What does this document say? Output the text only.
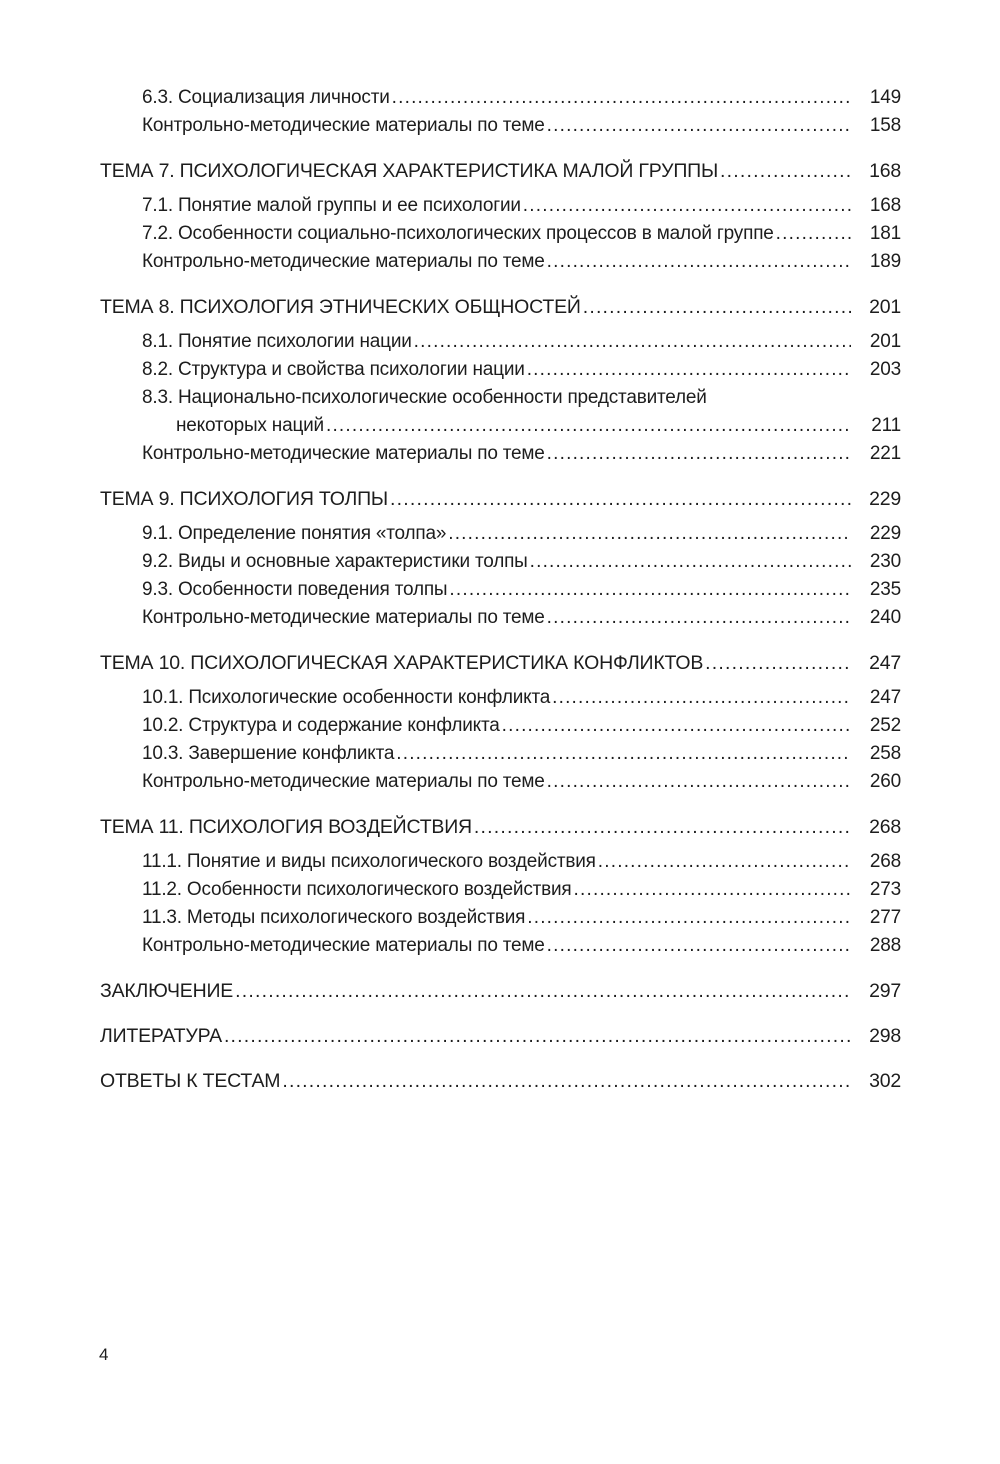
6.3. Социализация личности .....	149
Контрольно-методические материалы по теме .....	158
ТЕМА 7. ПСИХОЛОГИЧЕСКАЯ ХАРАКТЕРИСТИКА МАЛОЙ ГРУППЫ .....	168
7.1. Понятие малой группы и ее психологии .....	168
7.2. Особенности социально-психологических процессов в малой группе .....	181
Контрольно-методические материалы по теме .....	189
ТЕМА 8. ПСИХОЛОГИЯ ЭТНИЧЕСКИХ ОБЩНОСТЕЙ .....	201
8.1. Понятие психологии нации .....	201
8.2. Структура и свойства психологии нации .....	203
8.3. Национально-психологические особенности представителей
некоторых наций .....	211
Контрольно-методические материалы по теме .....	221
ТЕМА 9. ПСИХОЛОГИЯ ТОЛПЫ .....	229
9.1. Определение понятия «толпа» .....	229
9.2. Виды и основные характеристики толпы .....	230
9.3. Особенности поведения толпы .....	235
Контрольно-методические материалы по теме .....	240
ТЕМА 10. ПСИХОЛОГИЧЕСКАЯ ХАРАКТЕРИСТИКА КОНФЛИКТОВ .....	247
10.1. Психологические особенности конфликта .....	247
10.2. Структура и содержание конфликта .....	252
10.3. Завершение конфликта .....	258
Контрольно-методические материалы по теме .....	260
ТЕМА 11. ПСИХОЛОГИЯ ВОЗДЕЙСТВИЯ .....	268
11.1. Понятие и виды психологического воздействия .....	268
11.2. Особенности психологического воздействия .....	273
11.3. Методы психологического воздействия .....	277
Контрольно-методические материалы по теме .....	288
ЗАКЛЮЧЕНИЕ .....	297
ЛИТЕРАТУРА .....	298
ОТВЕТЫ К ТЕСТАМ .....	302
4
